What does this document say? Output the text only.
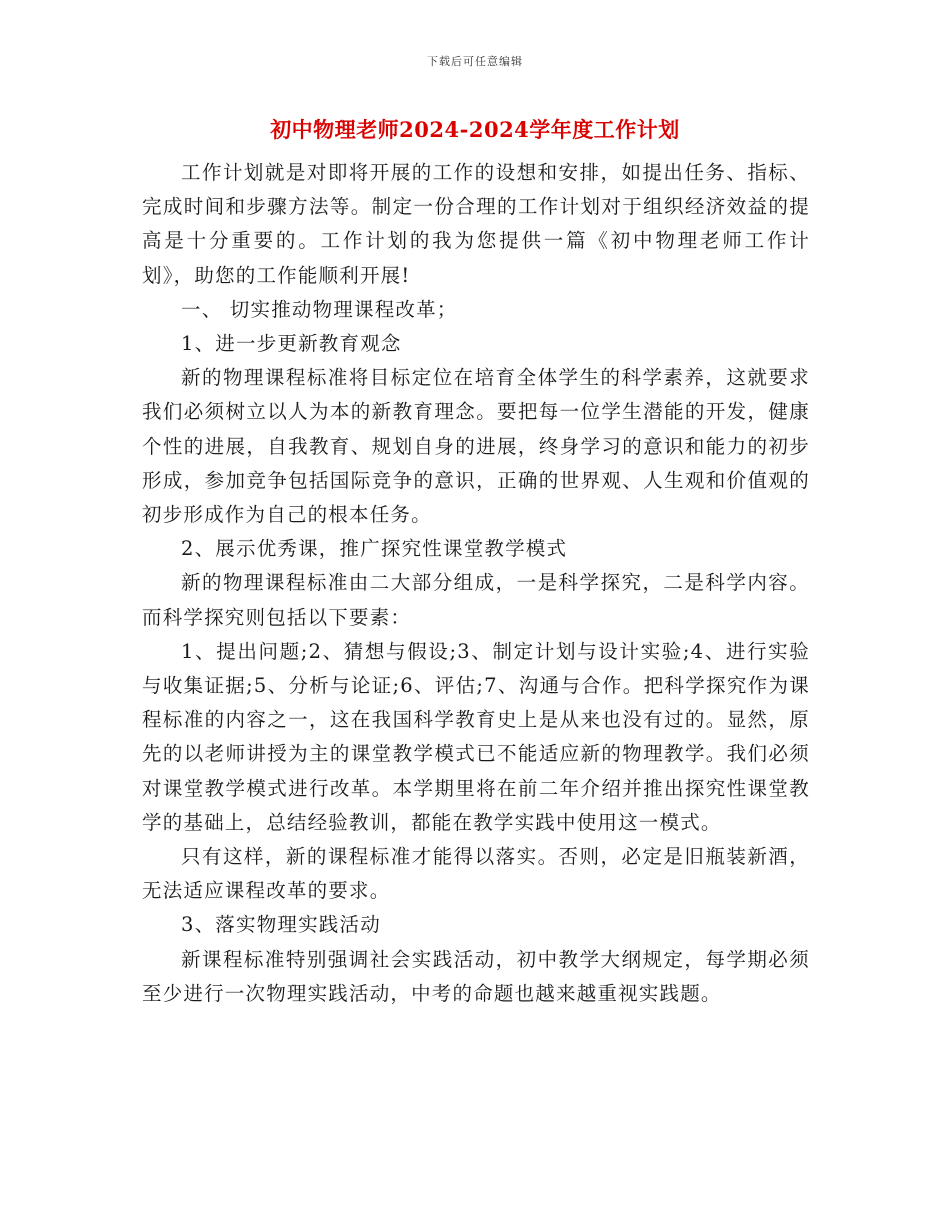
下载后可任意编辑
初中物理老师2024-2024学年度工作计划

工作计划就是对即将开展的工作的设想和安排，如提出任务、指标、完成时间和步骤方法等。制定一份合理的工作计划对于组织经济效益的提高是十分重要的。工作计划的我为您提供一篇《初中物理老师工作计划》，助您的工作能顺利开展!

一、 切实推动物理课程改革；

1、进一步更新教育观念

新的物理课程标准将目标定位在培育全体学生的科学素养，这就要求我们必须树立以人为本的新教育理念。要把每一位学生潜能的开发，健康个性的进展，自我教育、规划自身的进展，终身学习的意识和能力的初步形成，参加竞争包括国际竞争的意识，正确的世界观、人生观和价值观的初步形成作为自己的根本任务。

2、展示优秀课，推广探究性课堂教学模式

新的物理课程标准由二大部分组成，一是科学探究，二是科学内容。而科学探究则包括以下要素：

1、提出问题;2、猜想与假设;3、制定计划与设计实验;4、进行实验与收集证据;5、分析与论证;6、评估;7、沟通与合作。把科学探究作为课程标准的内容之一，这在我国科学教育史上是从来也没有过的。显然，原先的以老师讲授为主的课堂教学模式已不能适应新的物理教学。我们必须对课堂教学模式进行改革。本学期里将在前二年介绍并推出探究性课堂教学的基础上，总结经验教训，都能在教学实践中使用这一模式。

只有这样，新的课程标准才能得以落实。否则，必定是旧瓶装新酒，无法适应课程改革的要求。

3、落实物理实践活动

新课程标准特别强调社会实践活动，初中教学大纲规定，每学期必须至少进行一次物理实践活动，中考的命题也越来越重视实践题。
